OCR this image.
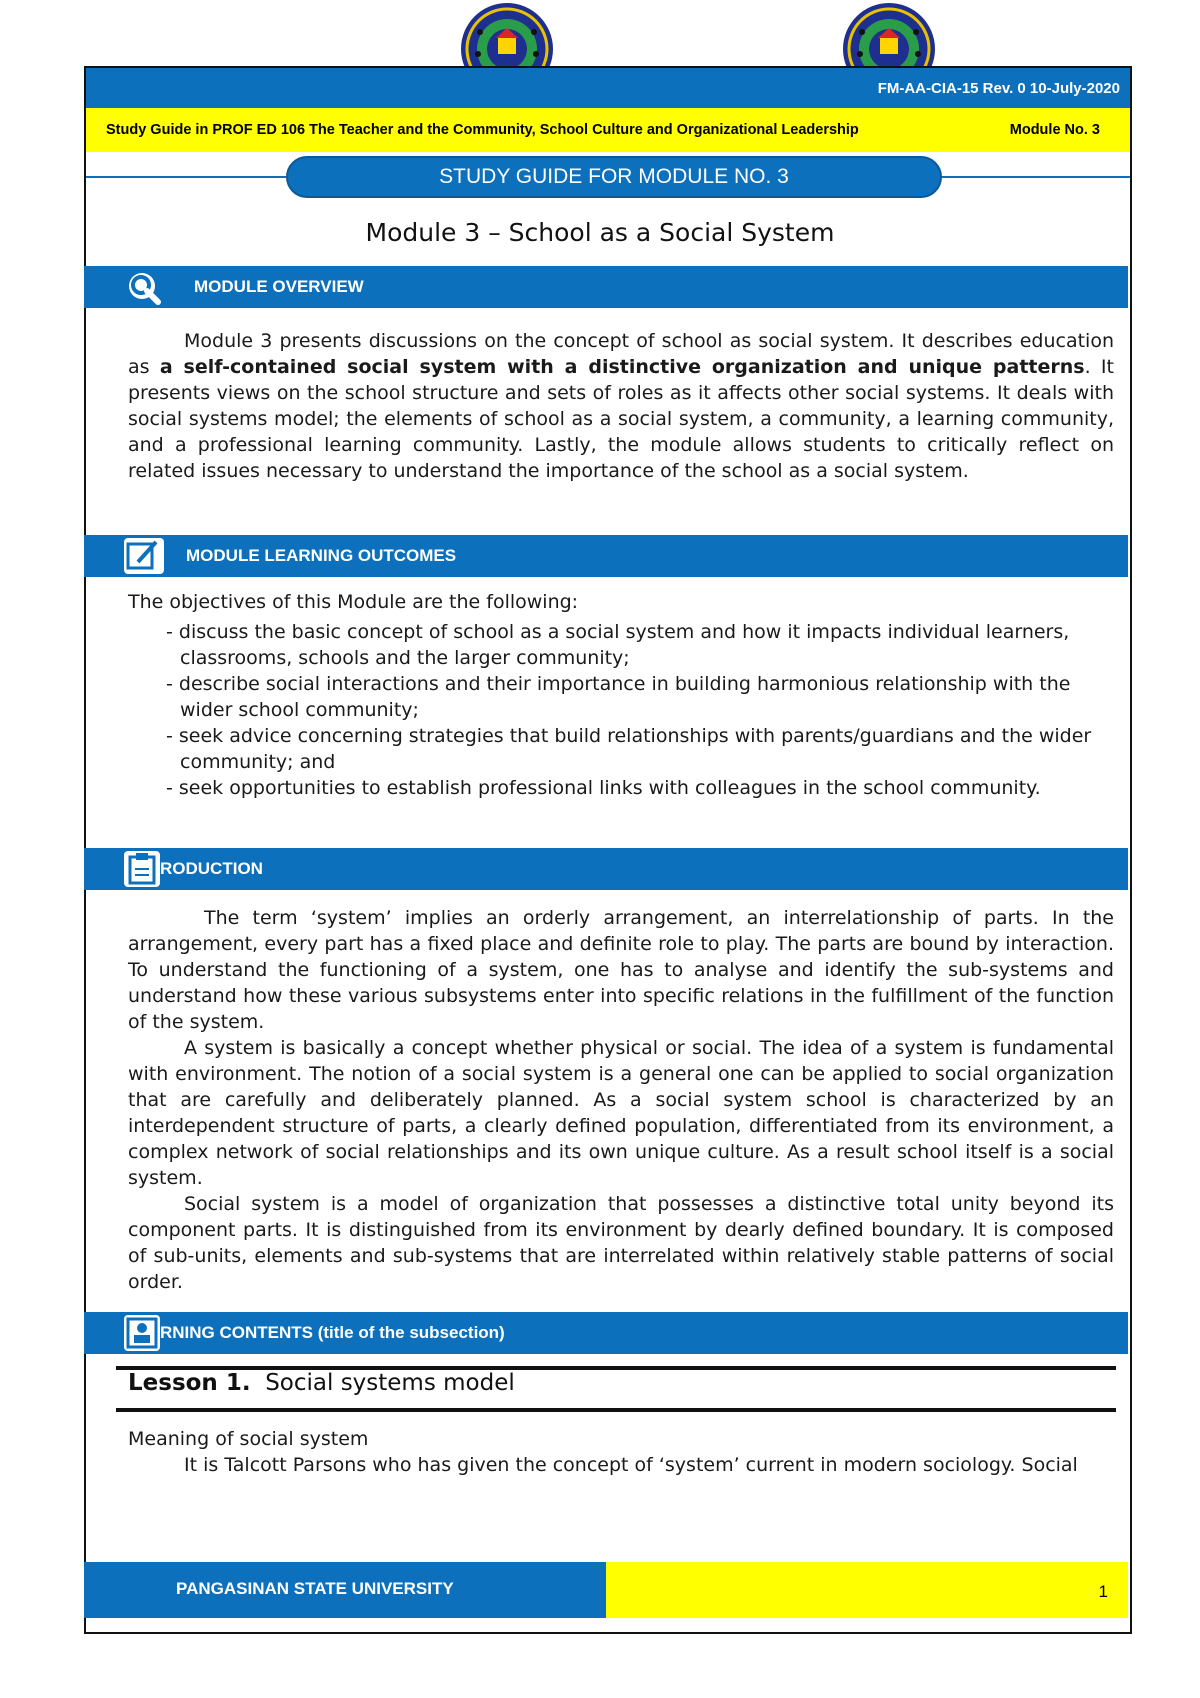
FM-AA-CIA-15 Rev. 0 10-July-2020
Study Guide in PROF ED 106 The Teacher and the Community, School Culture and Organizational Leadership	Module No. 3
STUDY GUIDE FOR MODULE NO. 3
Module 3 – School as a Social System
MODULE OVERVIEW

Module 3 presents discussions on the concept of school as social system. It describes education as a self-contained social system with a distinctive organization and unique patterns. It presents views on the school structure and sets of roles as it affects other social systems. It deals with social systems model; the elements of school as a social system, a community, a learning community, and a professional learning community. Lastly, the module allows students to critically reflect on related issues necessary to understand the importance of the school as a social system.

MODULE LEARNING OUTCOMES

The objectives of this Module are the following:

- discuss the basic concept of school as a social system and how it impacts individual learners, classrooms, schools and the larger community;
- describe social interactions and their importance in building harmonious relationship with the wider school community;
- seek advice concerning strategies that build relationships with parents/guardians and the wider community; and
- seek opportunities to establish professional links with colleagues in the school community.
RODUCTION

The term ‘system’ implies an orderly arrangement, an interrelationship of parts. In the arrangement, every part has a fixed place and definite role to play. The parts are bound by interaction. To understand the functioning of a system, one has to analyse and identify the sub-systems and understand how these various subsystems enter into specific relations in the fulfillment of the function of the system.

A system is basically a concept whether physical or social. The idea of a system is fundamental with environment. The notion of a social system is a general one can be applied to social organization that are carefully and deliberately planned. As a social system school is characterized by an interdependent structure of parts, a clearly defined population, differentiated from its environment, a complex network of social relationships and its own unique culture. As a result school itself is a social system.

Social system is a model of organization that possesses a distinctive total unity beyond its component parts. It is distinguished from its environment by dearly defined boundary. It is composed of sub-units, elements and sub-systems that are interrelated within relatively stable patterns of social order.

RNING CONTENTS (title of the subsection)
Lesson 1. Social systems model

Meaning of social system

It is Talcott Parsons who has given the concept of ‘system’ current in modern sociology. Social

PANGASINAN STATE UNIVERSITY	1
